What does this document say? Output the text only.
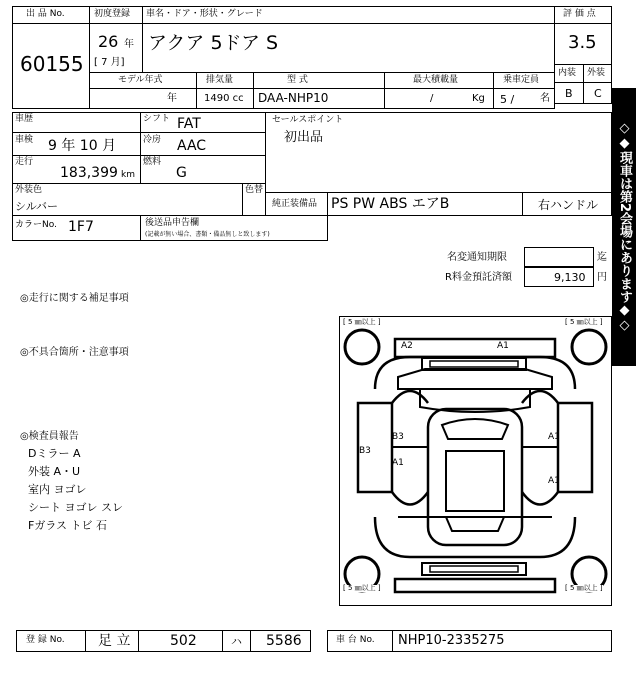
出 品 No.
60155
初度登録 車名・ドア・形状・グレード
26 年
[ 7 月]
アクア 5ドア S
評 価 点
3.5
内装 外装
B C
モデル年式	排気量	型 式	最大積載量	乗車定員
年	1490 cc DAA-NHP10	/	Kg 5 /	名
◇◆現車は第2会場にあります◆◇
車歴	シフト FAT
車検 9 年 10 月	冷房 AAC
走行
183,399 km
燃料
G
外装色
シルバー
色替
セールスポイント
初出品
純正装備品 PS PW ABS エアB	右ハンドル
カラーNo. 1F7	後送品申告欄
(記載が無い場合、書類・備品無しと致します)
名変通知期限	迄
R料金預託済額	9,130 円
◎走行に関する補足事項
◎不具合箇所・注意事項
◎検査員報告
Dミラー A
外装 A・U
室内 ヨゴレ
シート ヨゴレ スレ
Fガラス トビ 石
[ 5 ㎜以上 ]	[ 5 ㎜以上 ]
[ 5 ㎜以上 ]	[ 5 ㎜以上 ]
A2	A1
B3
B3
A1
A1
A1
登 録 No. 足 立	502	ハ 5586	車 台 No. NHP10-2335275
